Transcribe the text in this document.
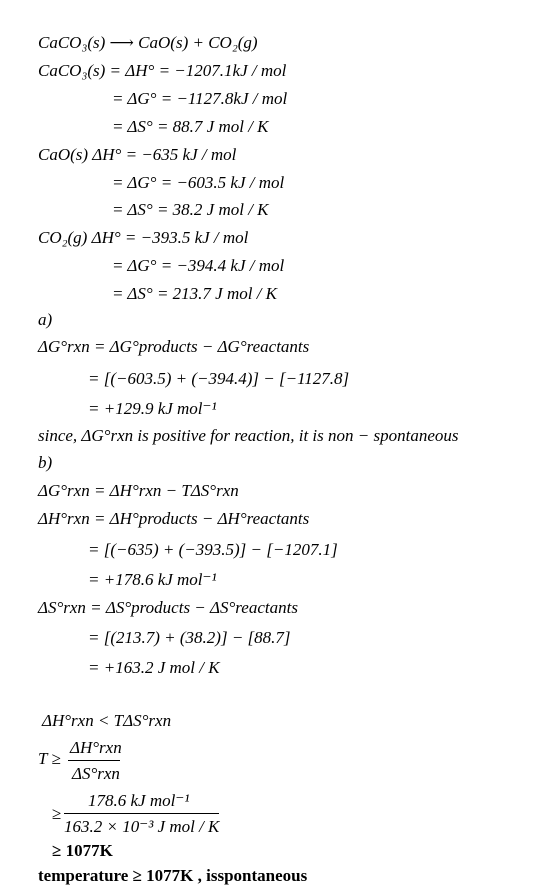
CaCO₃(s) ⟶ CaO(s) + CO₂(g)
CaCO₃(s) = ΔH° = −1207.1kJ / mol
= ΔG° = −1127.8kJ / mol
= ΔS° = 88.7 J mol / K
CaO(s) ΔH° = −635 kJ / mol
= ΔG° = −603.5 kJ / mol
= ΔS° = 38.2 J mol / K
CO₂(g) ΔH° = −393.5 kJ / mol
= ΔG° = −394.4 kJ / mol
= ΔS° = 213.7 J mol / K
a)
ΔG°rxn = ΔG°products − ΔG°reactants
= [(−603.5) + (−394.4)] − [−1127.8]
= +129.9 kJ mol⁻¹
since, ΔG°rxn is positive for reaction, it is non − spontaneous
b)
ΔG°rxn = ΔH°rxn − TΔS°rxn
ΔH°rxn = ΔH°products − ΔH°reactants
= [(−635) + (−393.5)] − [−1207.1]
= +178.6 kJ mol⁻¹
ΔS°rxn = ΔS°products − ΔS°reactants
= [(213.7) + (38.2)] − [88.7]
= +163.2 J mol / K
ΔH°rxn < TΔS°rxn
T ≥
ΔH°rxn
ΔS°rxn
≥
178.6 kJ mol⁻¹
163.2 × 10⁻³ J mol / K
≥ 1077K
temperature ≥ 1077K , isspontaneous
